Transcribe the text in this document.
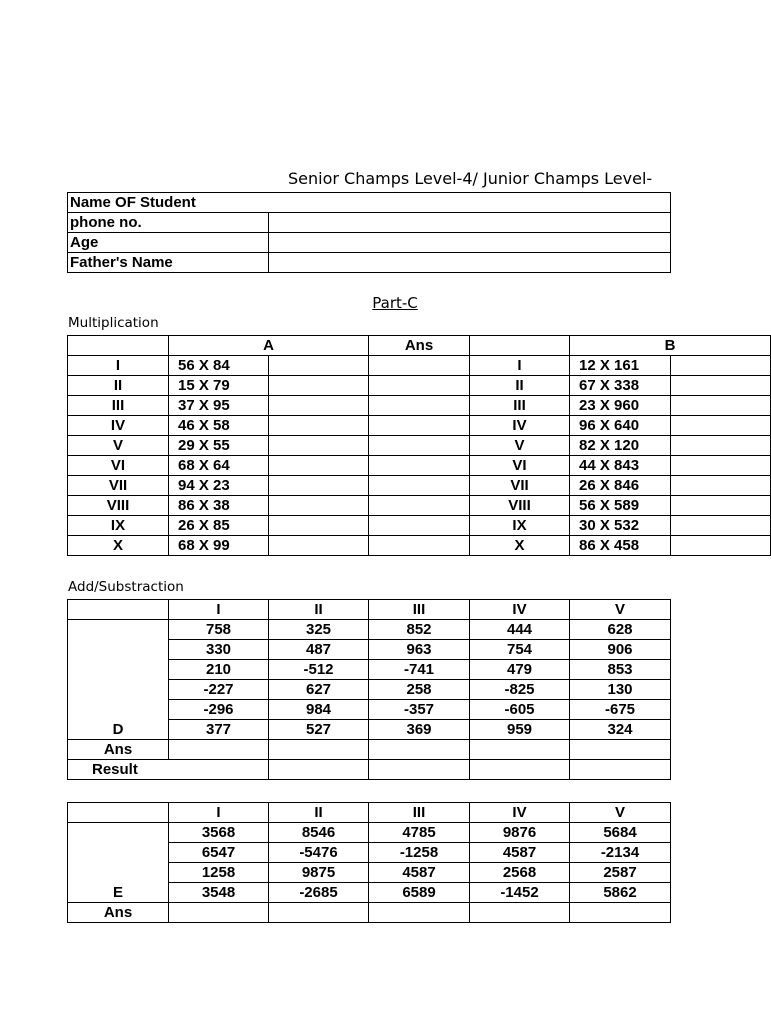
Senior Champs Level-4/ Junior Champs Level-
Name OF Student	
phone no.	
Age	
Father's Name	
Part-C
Multiplication
	A		Ans		B	
I	56 X 84			I	12 X 161	
II	15 X 79			II	67 X 338	
III	37 X 95			III	23 X 960	
IV	46 X 58			IV	96 X 640	
V	29 X 55			V	82 X 120	
VI	68 X 64			VI	44 X 843	
VII	94 X 23			VII	26 X 846	
VIII	86 X 38			VIII	56 X 589	
IX	26 X 85			IX	30 X 532	
X	68 X 99			X	86 X 458	
Add/Substraction
	I	II	III	IV	V
D	758	325	852	444	628
	330	487	963	754	906
	210	-512	-741	479	853
	-227	627	258	-825	130
	-296	984	-357	-605	-675
	377	527	369	959	324
Ans					
Result					
	I	II	III	IV	V
E	3568	8546	4785	9876	5684
	6547	-5476	-1258	4587	-2134
	1258	9875	4587	2568	2587
	3548	-2685	6589	-1452	5862
Ans					
